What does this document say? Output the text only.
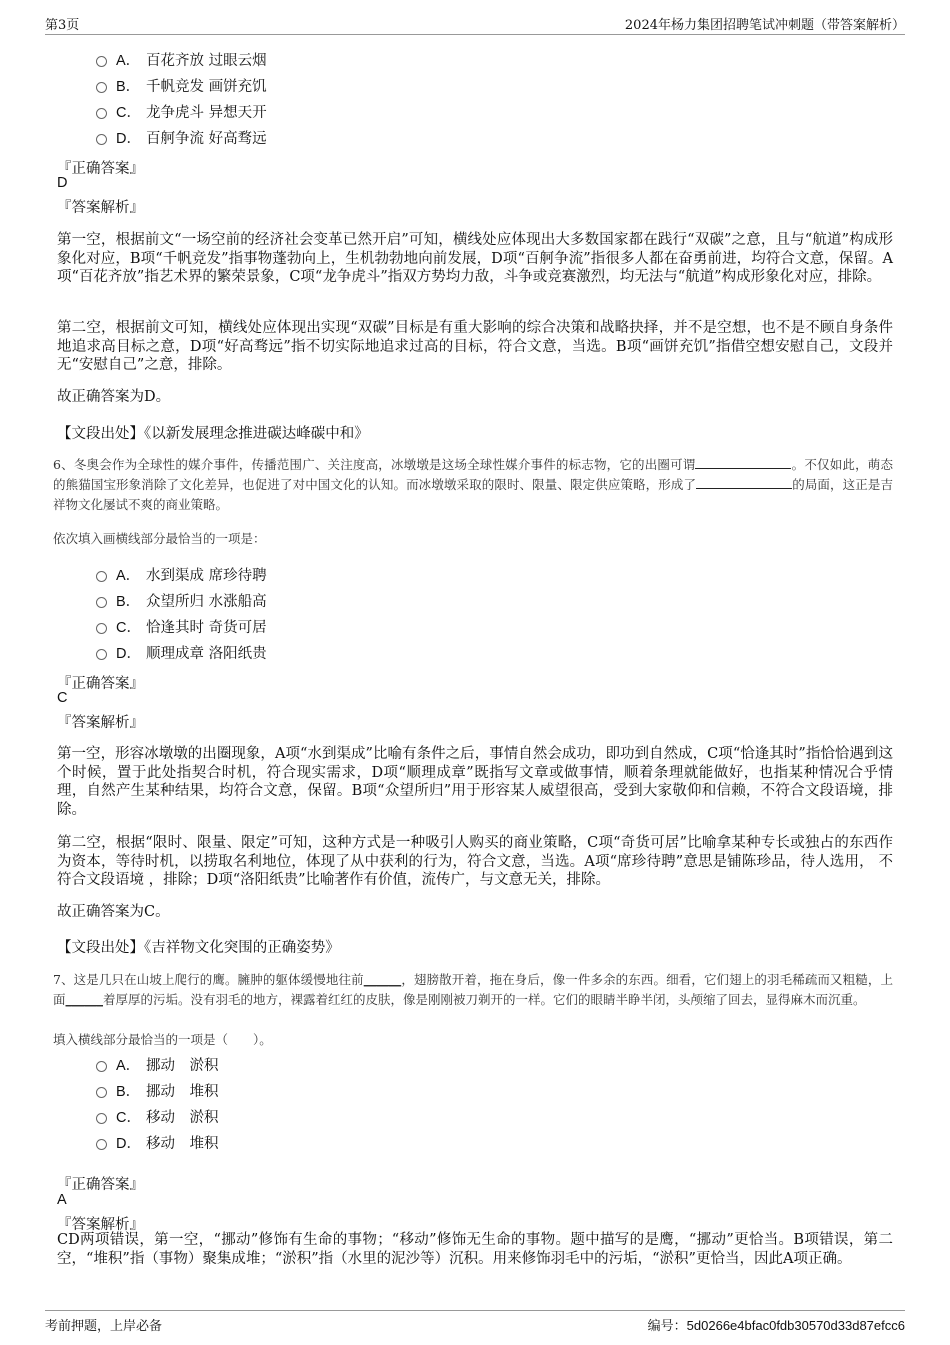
第3页	2024年杨力集团招聘笔试冲刺题（带答案解析）
A． 百花齐放 过眼云烟
B． 千帆竞发 画饼充饥
C． 龙争虎斗 异想天开
D． 百舸争流 好高骛远
『正确答案』
D
『答案解析』
第一空，根据前文“一场空前的经济社会变革已然开启”可知，横线处应体现出大多数国家都在践行“双碳”之意，且与“航道”构成形象化对应，B项“千帆竞发”指事物蓬勃向上，生机勃勃地向前发展，D项“百舸争流”指很多人都在奋勇前进，均符合文意，保留。A项“百花齐放”指艺术界的繁荣景象，C项“龙争虎斗”指双方势均力敌，斗争或竞赛激烈，均无法与“航道”构成形象化对应，排除。
第二空，根据前文可知，横线处应体现出实现“双碳”目标是有重大影响的综合决策和战略抉择，并不是空想，也不是不顾自身条件地追求高目标之意，D项“好高骛远”指不切实际地追求过高的目标，符合文意，当选。B项“画饼充饥”指借空想安慰自己，文段并无“安慰自己”之意，排除。
故正确答案为D。
【文段出处】《以新发展理念推进碳达峰碳中和》
6、冬奥会作为全球性的媒介事件，传播范围广、关注度高，冰墩墩是这场全球性媒介事件的标志物，它的出圈可谓	。不仅如此，萌态的熊猫国宝形象消除了文化差异，也促进了对中国文化的认知。而冰墩墩采取的限时、限量、限定供应策略，形成了	的局面，这正是吉祥物文化屡试不爽的商业策略。
依次填入画横线部分最恰当的一项是：
A． 水到渠成 席珍待聘
B． 众望所归 水涨船高
C． 恰逢其时 奇货可居
D． 顺理成章 洛阳纸贵
『正确答案』
C
『答案解析』
第一空，形容冰墩墩的出圈现象，A项“水到渠成”比喻有条件之后，事情自然会成功，即功到自然成，C项“恰逢其时”指恰恰遇到这个时候，置于此处指契合时机，符合现实需求，D项“顺理成章”既指写文章或做事情，顺着条理就能做好，也指某种情况合乎情理，自然产生某种结果，均符合文意，保留。B项“众望所归”用于形容某人威望很高，受到大家敬仰和信赖，不符合文段语境，排除。
第二空，根据“限时、限量、限定”可知，这种方式是一种吸引人购买的商业策略，C项“奇货可居”比喻拿某种专长或独占的东西作为资本，等待时机，以捞取名利地位，体现了从中获利的行为，符合文意，当选。A项“席珍待聘”意思是铺陈珍品，待人选用， 不符合文段语境 ，排除；D项“洛阳纸贵”比喻著作有价值，流传广，与文意无关，排除。
故正确答案为C。
【文段出处】《吉祥物文化突围的正确姿势》
7、这是几只在山坡上爬行的鹰。臃肿的躯体缓慢地往前______，翅膀散开着，拖在身后，像一件多余的东西。细看，它们翅上的羽毛稀疏而又粗糙，上面______着厚厚的污垢。没有羽毛的地方，裸露着红红的皮肤，像是刚刚被刀剃开的一样。它们的眼睛半睁半闭，头颅缩了回去，显得麻木而沉重。
填入横线部分最恰当的一项是（　　）。
A． 挪动　淤积
B． 挪动　堆积
C． 移动　淤积
D． 移动　堆积
『正确答案』
A
『答案解析』
CD两项错误，第一空，“挪动”修饰有生命的事物；“移动”修饰无生命的事物。题中描写的是鹰，“挪动”更恰当。B项错误，第二空，“堆积”指（事物）聚集成堆；“淤积”指（水里的泥沙等）沉积。用来修饰羽毛中的污垢，“淤积”更恰当，因此A项正确。
考前押题，上岸必备	编号：5d0266e4bfac0fdb30570d33d87efcc6
